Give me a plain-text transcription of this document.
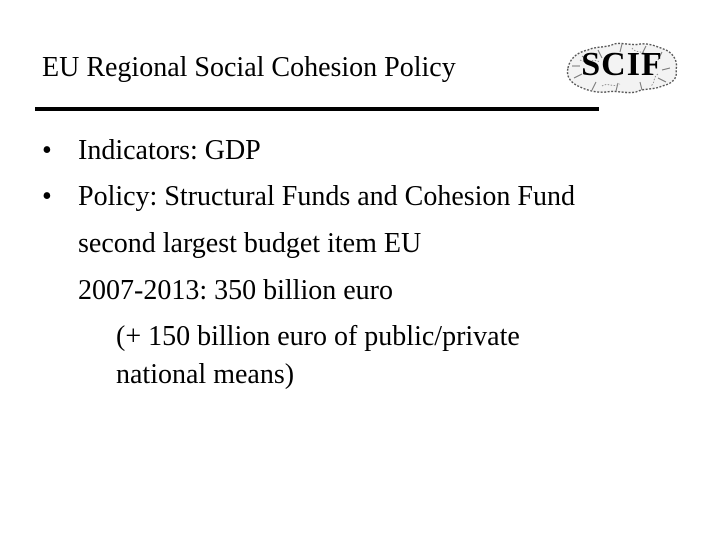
EU Regional Social Cohesion Policy	SCIF
• Indicators: GDP
• Policy: Structural Funds and Cohesion Fund
second largest budget item EU
2007-2013: 350 billion euro
(+ 150 billion euro of public/private
national means)
